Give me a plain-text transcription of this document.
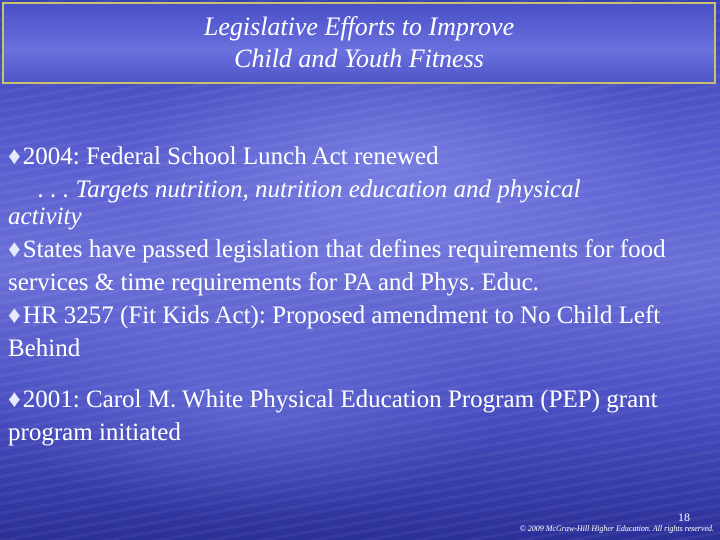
Legislative Efforts to Improve
Child and Youth Fitness

♦2004: Federal School Lunch Act renewed
. . . Targets nutrition, nutrition education and physical
activity

♦States have passed legislation that defines requirements for food services & time requirements for PA and Phys. Educ.

♦HR 3257 (Fit Kids Act): Proposed amendment to No Child Left Behind

♦2001: Carol M. White Physical Education Program (PEP) grant program initiated

18
© 2009 McGraw-Hill Higher Education. All rights reserved.
